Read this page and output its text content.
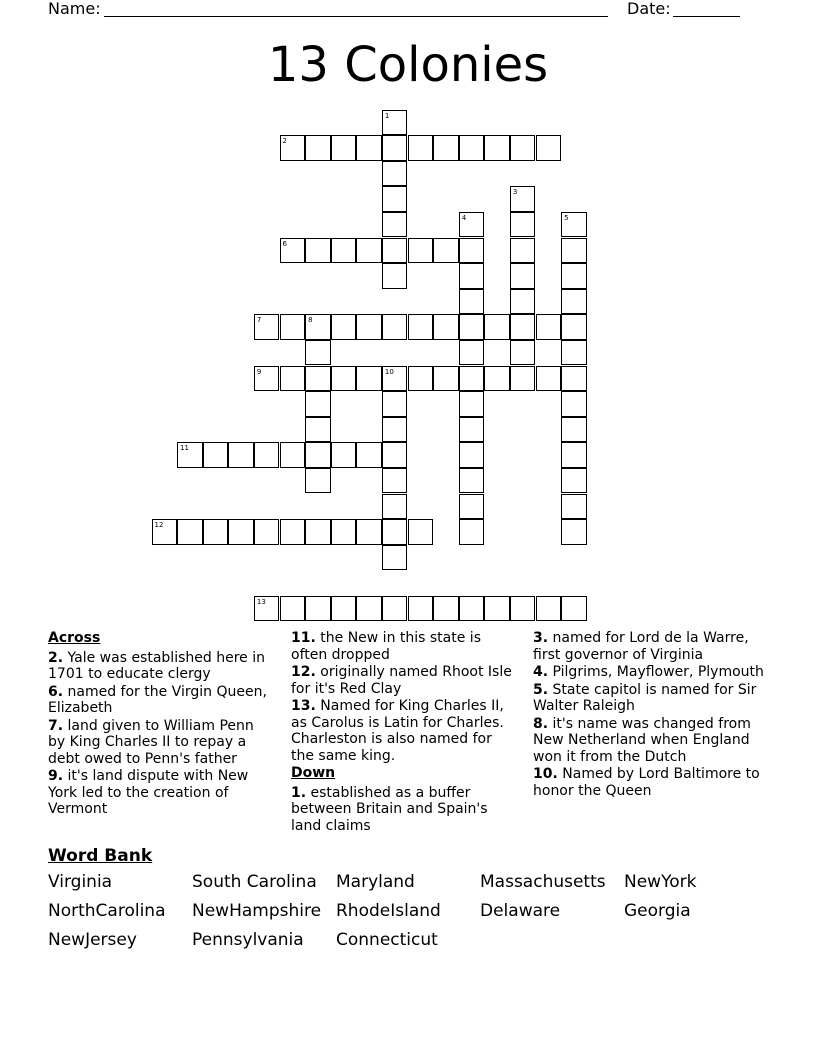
Name:	Date:
13 Colonies
1
2
3
4	5
6
7	8
9	10
11
12
13
Across
2. Yale was established here in 1701 to educate clergy
6. named for the Virgin Queen, Elizabeth
7. land given to William Penn by King Charles II to repay a debt owed to Penn's father
9. it's land dispute with New York led to the creation of Vermont
11. the New in this state is often dropped
12. originally named Rhoot Isle for it's Red Clay
13. Named for King Charles II, as Carolus is Latin for Charles. Charleston is also named for the same king.
Down
1. established as a buffer between Britain and Spain's land claims
3. named for Lord de la Warre, first governor of Virginia
4. Pilgrims, Mayflower, Plymouth
5. State capitol is named for Sir Walter Raleigh
8. it's name was changed from New Netherland when England won it from the Dutch
10. Named by Lord Baltimore to honor the Queen
Word Bank
Virginia	South Carolina	Maryland	Massachusetts	NewYork
NorthCarolina	NewHampshire RhodeIsland	Delaware	Georgia
NewJersey	Pennsylvania	Connecticut
